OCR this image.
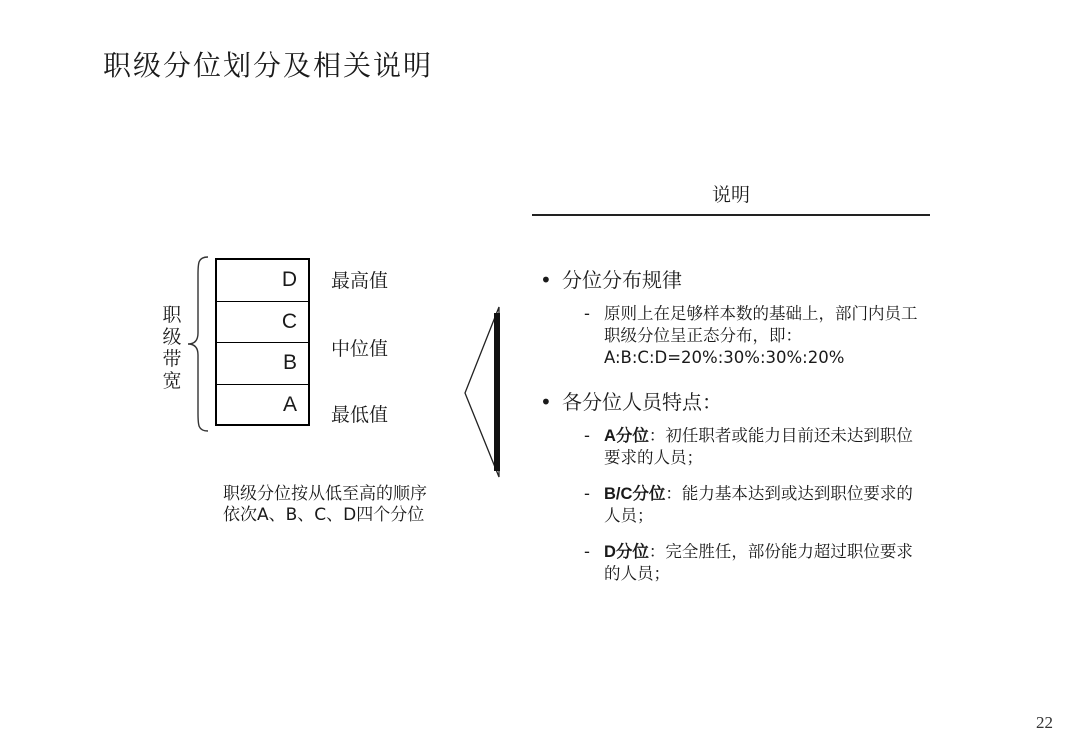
职级分位划分及相关说明
职
级
带
宽
D
C
B
A
最高值
中位值
最低值
职级分位按从低至高的顺序依次A、B、C、D四个分位
说明
• 分位分布规律
- 原则上在足够样本数的基础上，部门内员工职级分位呈正态分布，即：A:B:C:D=20%:30%:30%:20%
• 各分位人员特点：
- A分位：初任职者或能力目前还未达到职位要求的人员；
- B/C分位：能力基本达到或达到职位要求的人员；
- D分位：完全胜任，部份能力超过职位要求的人员；
22
